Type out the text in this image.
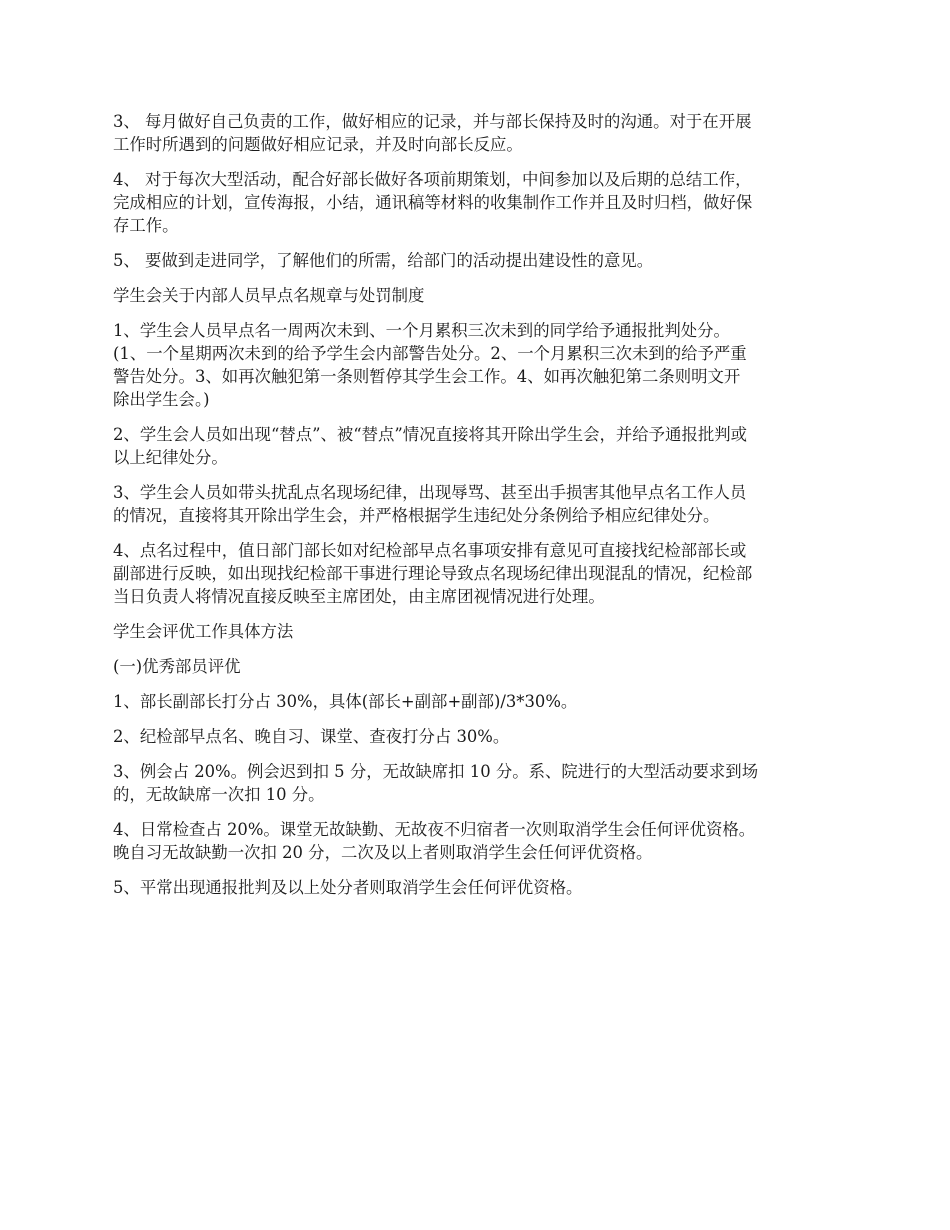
3、 每月做好自己负责的工作，做好相应的记录，并与部长保持及时的沟通。对于在开展
工作时所遇到的问题做好相应记录，并及时向部长反应。

4、 对于每次大型活动，配合好部长做好各项前期策划，中间参加以及后期的总结工作，
完成相应的计划，宣传海报，小结，通讯稿等材料的收集制作工作并且及时归档，做好保
存工作。

5、 要做到走进同学，了解他们的所需，给部门的活动提出建设性的意见。

学生会关于内部人员早点名规章与处罚制度

1、学生会人员早点名一周两次未到、一个月累积三次未到的同学给予通报批判处分。
(1、一个星期两次未到的给予学生会内部警告处分。2、一个月累积三次未到的给予严重
警告处分。3、如再次触犯第一条则暂停其学生会工作。4、如再次触犯第二条则明文开
除出学生会。)

2、学生会人员如出现“替点”、被“替点”情况直接将其开除出学生会，并给予通报批判或
以上纪律处分。

3、学生会人员如带头扰乱点名现场纪律，出现辱骂、甚至出手损害其他早点名工作人员
的情况，直接将其开除出学生会，并严格根据学生违纪处分条例给予相应纪律处分。

4、点名过程中，值日部门部长如对纪检部早点名事项安排有意见可直接找纪检部部长或
副部进行反映，如出现找纪检部干事进行理论导致点名现场纪律出现混乱的情况，纪检部
当日负责人将情况直接反映至主席团处，由主席团视情况进行处理。

学生会评优工作具体方法

(一)优秀部员评优

1、部长副部长打分占 30%，具体(部长+副部+副部)/3*30%。

2、纪检部早点名、晚自习、课堂、查夜打分占 30%。

3、例会占 20%。例会迟到扣 5 分，无故缺席扣 10 分。系、院进行的大型活动要求到场
的，无故缺席一次扣 10 分。

4、日常检查占 20%。课堂无故缺勤、无故夜不归宿者一次则取消学生会任何评优资格。
晚自习无故缺勤一次扣 20 分，二次及以上者则取消学生会任何评优资格。

5、平常出现通报批判及以上处分者则取消学生会任何评优资格。
